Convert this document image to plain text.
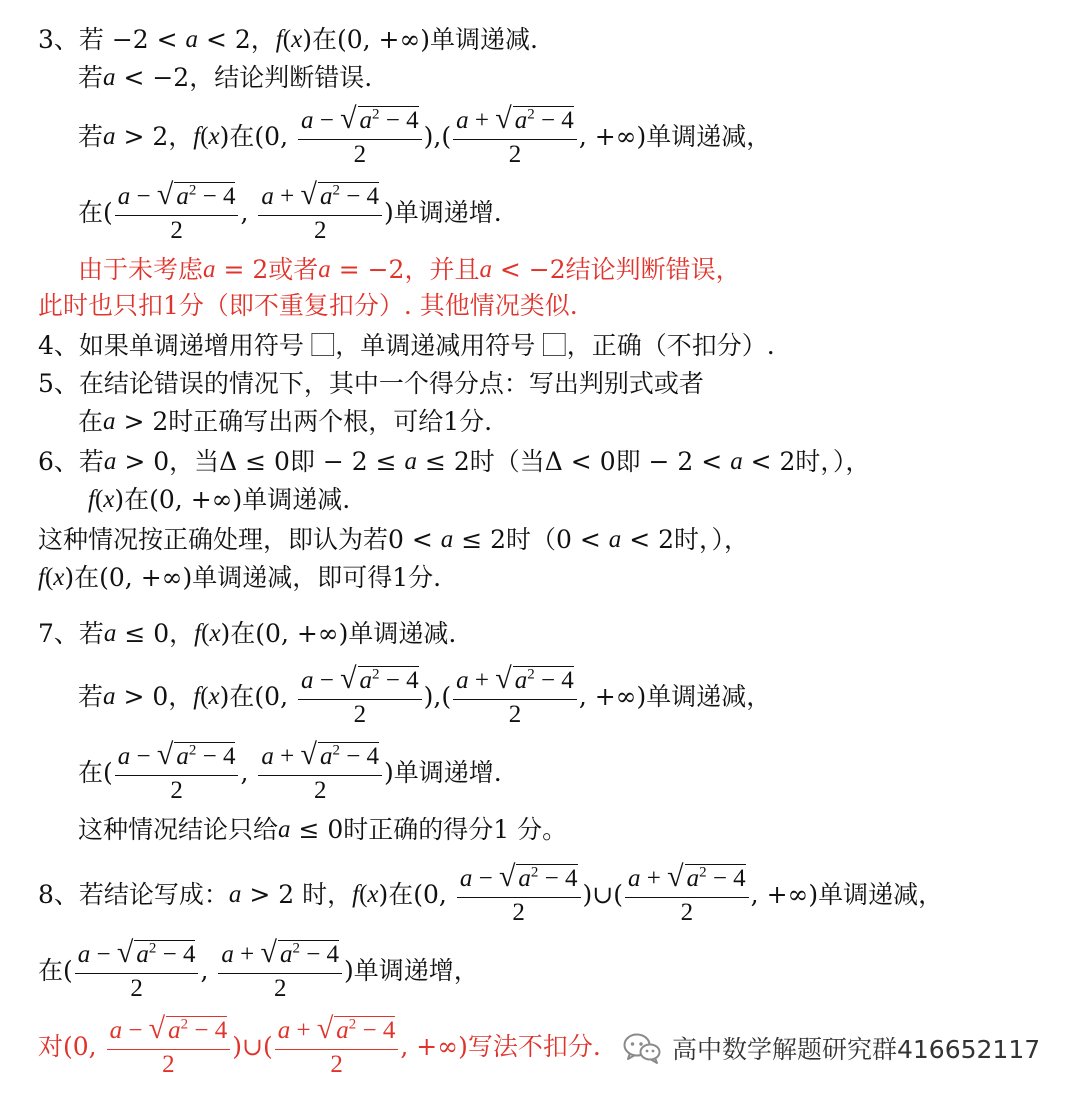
3、若 −2 < a < 2， f ( x )在(0, +∞)单调递减.
若 a < −2，结论判断错误.
若 a > 2， f ( x )在(0, $\frac{a - √ a^2 - 4}{2}$ ),( $\frac{a + √ a^2 - 4}{2}$ , +∞)单调递减，
在( $\frac{a - √ a^2 - 4}{2}$ , $\frac{a + √ a^2 - 4}{2}$ )单调递增.
由于未考虑 a = 2或者 a = −2，并且 a < −2结论判断错误，
此时也只扣1分（即不重复扣分）. 其他情况类似.
4、如果单调递增用符号 ⃞，单调递减用符号 ⃞，正确（不扣分）.
5、在结论错误的情况下，其中一个得分点：写出判别式或者
在 a > 2时正确写出两个根，可给1分.
6、若 a > 0，当Δ ≤ 0即 − 2 ≤ a ≤ 2时（当Δ < 0即 − 2 < a < 2时，），
f ( x )在(0, +∞)单调递减.
这种情况按正确处理，即认为若0 < a ≤ 2时（0 < a < 2时，），
f ( x )在(0, +∞)单调递减，即可得1分.
7、若 a ≤ 0， f ( x )在(0, +∞)单调递减.
若 a > 0， f ( x )在(0, $\frac{a - √ a^2 - 4}{2}$ ),( $\frac{a + √ a^2 - 4}{2}$ , +∞)单调递减，
在( $\frac{a - √ a^2 - 4}{2}$ , $\frac{a + √ a^2 - 4}{2}$ )单调递增.
这种情况结论只给 a ≤ 0时正确的得分1 分。
8、若结论写成： a > 2 时， f ( x )在(0, $\frac{a - √ a^2 - 4}{2}$ )∪( $\frac{a + √ a^2 - 4}{2}$ , +∞)单调递减，
在( $\frac{a - √ a^2 - 4}{2}$ , $\frac{a + √ a^2 - 4}{2}$ )单调递增，
对(0, $\frac{a - √ a^2 - 4}{2}$ )∪( $\frac{a + √ a^2 - 4}{2}$ , +∞)写法不扣分.	高中数学解题研究群416652117
